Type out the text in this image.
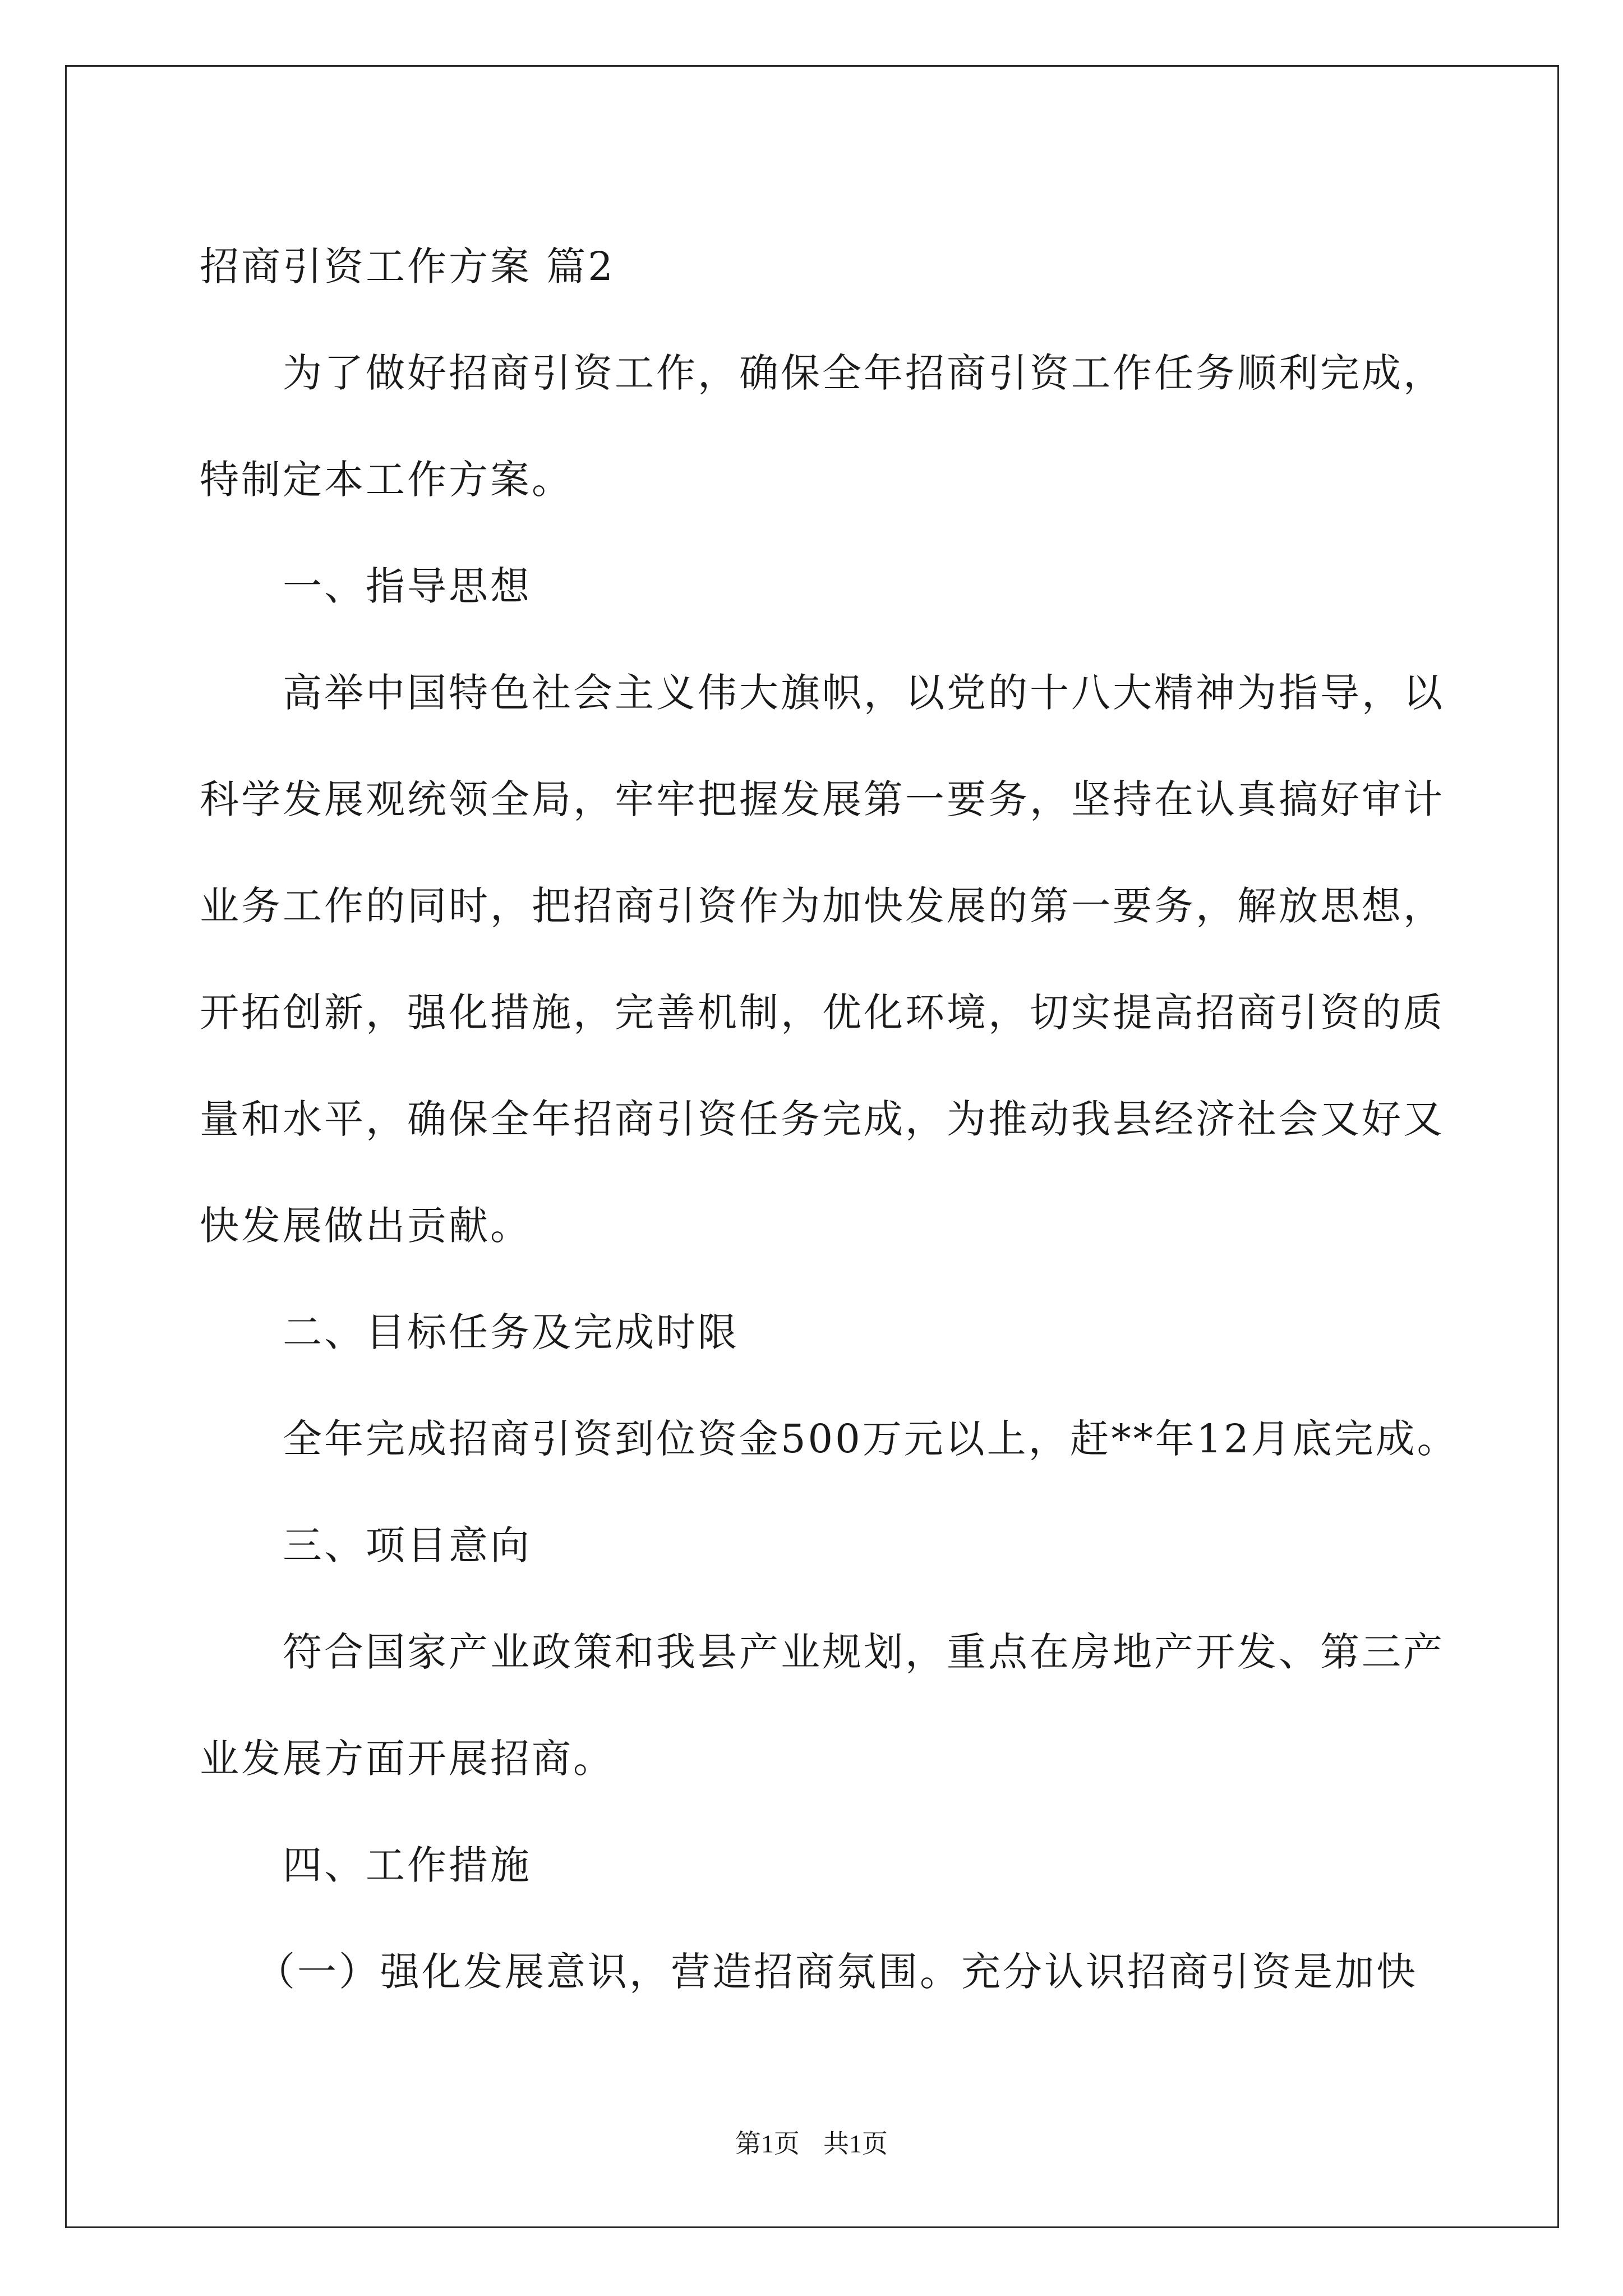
招商引资工作方案 篇2
为了做好招商引资工作，确保全年招商引资工作任务顺利完成，
特制定本工作方案。
一、指导思想
高举中国特色社会主义伟大旗帜，以党的十八大精神为指导，以
科学发展观统领全局，牢牢把握发展第一要务，坚持在认真搞好审计
业务工作的同时，把招商引资作为加快发展的第一要务，解放思想，
开拓创新，强化措施，完善机制，优化环境，切实提高招商引资的质
量和水平，确保全年招商引资任务完成，为推动我县经济社会又好又
快发展做出贡献。
二、目标任务及完成时限
全年完成招商引资到位资金500万元以上，赶**年12月底完成。
三、项目意向
符合国家产业政策和我县产业规划，重点在房地产开发、第三产
业发展方面开展招商。
四、工作措施
（一）强化发展意识，营造招商氛围。充分认识招商引资是加快
第1页 共1页
